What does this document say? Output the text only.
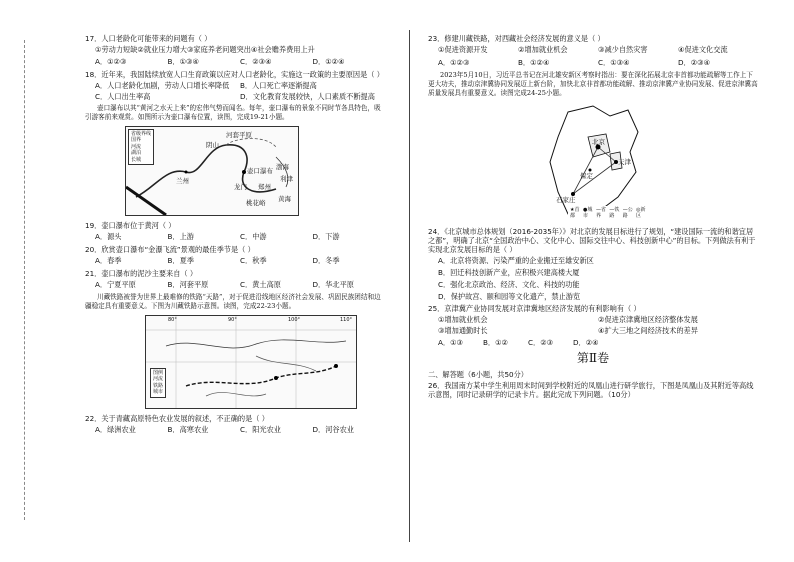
17．人口老龄化可能带来的问题有（ ）
①劳动力短缺②就业压力增大③家庭养老问题突出④社会赡养费用上升
A．①②③	B．①③④	C．②③④	D．①②④
18．近年来，我国陆续放宽人口生育政策以应对人口老龄化，实施这一政策的主要原因是（ ）
A．人口老龄化加剧，劳动人口增长率降低	B．人口死亡率逐渐提高
C．人口出生率高	D．文化教育发展较快，人口素质不断提高
壶口瀑布以其“黄河之水天上来”的宏伟气势而闻名。每年，壶口瀑布的景象不同时节各具特色，吸引游客前来观赏。如图所示为壶口瀑布位置，读图，完成19-21小题。
省级界线
国界
河流
湖泊
长城
河套平原
阴山
渤海
兰州
壶口瀑布
龙门
黄海
郑州
桃花峪
利津
19．壶口瀑布位于黄河（ ）
A．源头	B．上游	C．中游	D．下游
20．欣赏壶口瀑布“金瀑飞流”景观的最佳季节是（ ）
A．春季	B．夏季	C．秋季	D．冬季
21．壶口瀑布的泥沙主要来自（ ）
A．宁夏平原	B．河套平原	C．黄土高原	D．华北平原
川藏铁路被誉为世界上最难修的铁路“天路”，对于促进沿线地区经济社会发展、巩固民族团结和边疆稳定具有重要意义。下图为川藏铁路示意图。读图，完成22-23小题。
80°	90°	100°	110°
图例
河流
铁路
城市
22．关于青藏高原特色农业发展的叙述，不正确的是（ ）
A．绿洲农业	B．高寒农业	C．阳光农业	D．河谷农业
23．修建川藏铁路，对西藏社会经济发展的意义是（ ）
①促进资源开发	②增加就业机会	③减少自然灾害	④促进文化交流
A．①②③	B．①②④	C．①③④	D．②③④
2023年5月10日，习近平总书记在河北雄安新区考察时指出：要在深化拓展北京非首都功能疏解等工作上下更大功夫，推动京津冀协同发展迈上新台阶，加快北京非首都功能疏解、推动京津冀产业协同发展、促进京津冀高质量发展具有重要意义。读图完成24-25小题。
北京
天津
石家庄
保定
★首都
●城市
—省界
—铁路
—公路
◎新区
24．《北京城市总体规划（2016-2035年）》对北京的发展目标进行了规划，“建设国际一流的和谐宜居之都”，明确了北京“全国政治中心、文化中心、国际交往中心、科技创新中心”的目标。下列做法有利于实现北京发展目标的是（ ）
A．北京将资源、污染严重的企业搬迁至雄安新区
B．回迁科技创新产业，应积极兴建高楼大厦
C．强化北京政治、经济、文化、科技的功能
D．保护故宫、颐和园等文化遗产，禁止游览
25．京津冀产业协同发展对京津冀地区经济发展的有利影响有（ ）
①增加就业机会	②促进京津冀地区经济整体发展
③增加通勤时长	④扩大三地之间经济技术的差异
A．①③	B．①②	C．②③	D．②④
第Ⅱ卷
二、解答题（6小题，共50分）
26．我国南方某中学生利用周末时间到学校附近的凤凰山进行研学旅行，下图是凤凰山及其附近等高线示意图，同时记录研学的记录卡片。据此完成下列问题。（10分）
